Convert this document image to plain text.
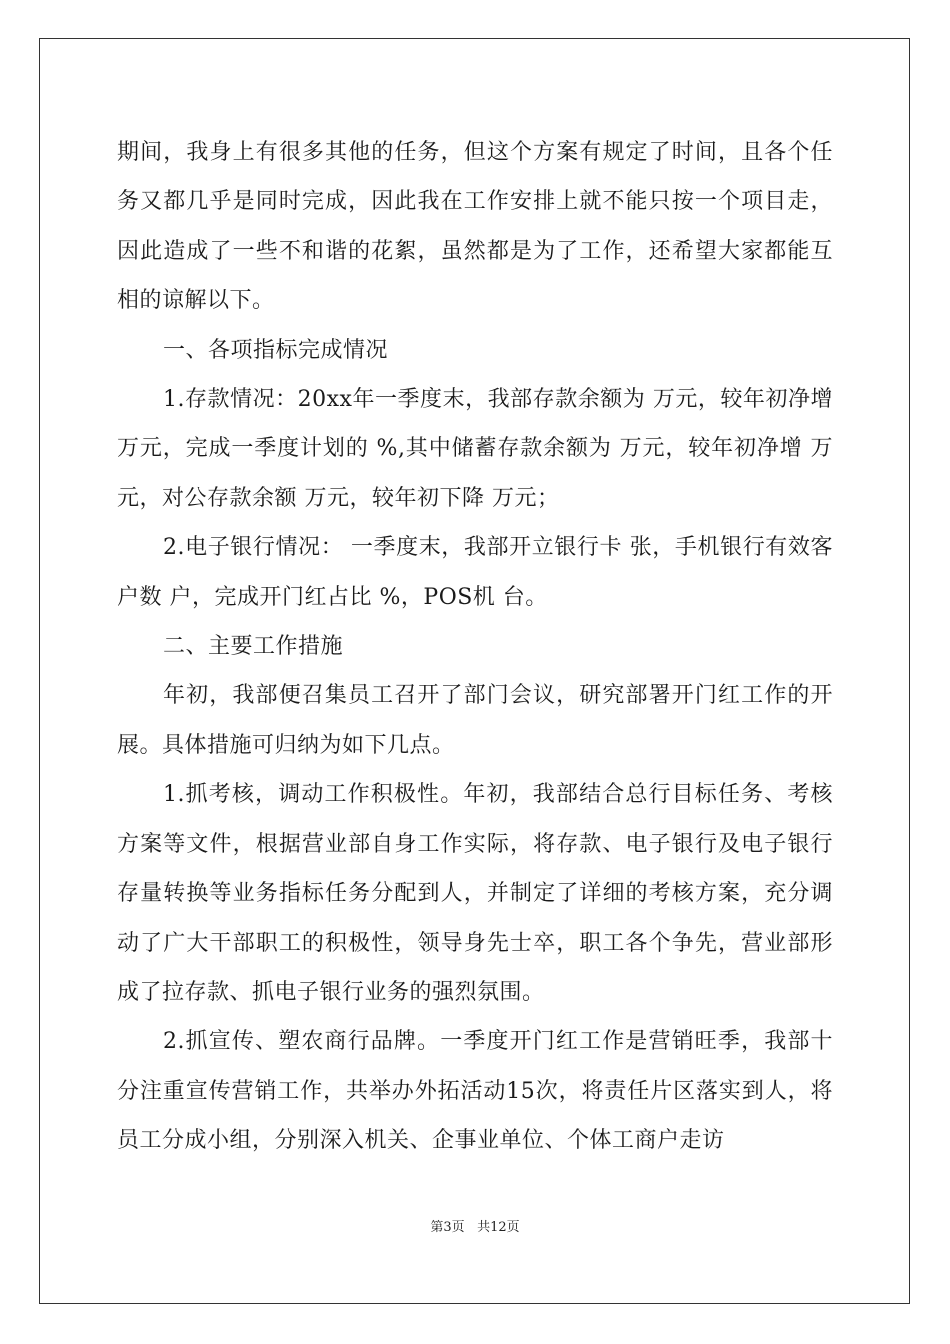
期间，我身上有很多其他的任务，但这个方案有规定了时间，且各个任务又都几乎是同时完成，因此我在工作安排上就不能只按一个项目走，因此造成了一些不和谐的花絮，虽然都是为了工作，还希望大家都能互相的谅解以下。

一、各项指标完成情况

1.存款情况：20xx年一季度末，我部存款余额为 万元，较年初净增 万元，完成一季度计划的 %,其中储蓄存款余额为 万元，较年初净增 万元，对公存款余额 万元，较年初下降 万元；

2.电子银行情况： 一季度末，我部开立银行卡 张，手机银行有效客户数 户，完成开门红占比 %，POS机 台。

二、主要工作措施

年初，我部便召集员工召开了部门会议，研究部署开门红工作的开展。具体措施可归纳为如下几点。

1.抓考核，调动工作积极性。年初，我部结合总行目标任务、考核方案等文件，根据营业部自身工作实际，将存款、电子银行及电子银行存量转换等业务指标任务分配到人，并制定了详细的考核方案，充分调动了广大干部职工的积极性，领导身先士卒，职工各个争先，营业部形成了拉存款、抓电子银行业务的强烈氛围。

2.抓宣传、塑农商行品牌。一季度开门红工作是营销旺季，我部十分注重宣传营销工作，共举办外拓活动15次，将责任片区落实到人，将员工分成小组，分别深入机关、企事业单位、个体工商户走访

第3页 共12页
